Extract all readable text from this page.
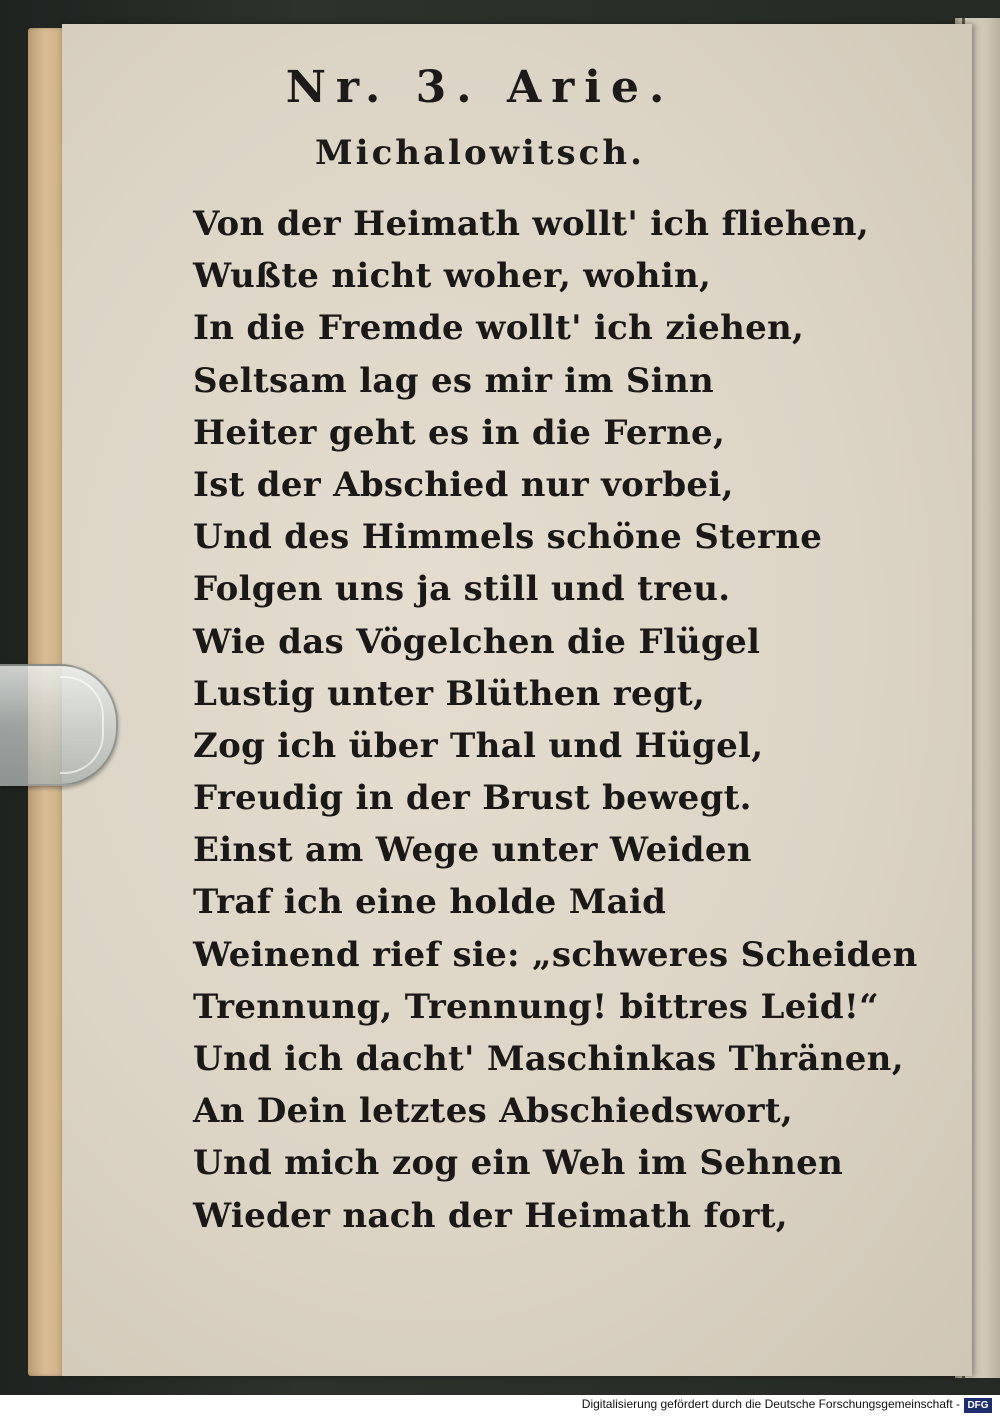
Nr. 3. Arie.
Michalowitsch.
Von der Heimath wollt' ich fliehen,
Wußte nicht woher, wohin,
In die Fremde wollt' ich ziehen,
Seltsam lag es mir im Sinn
Heiter geht es in die Ferne,
Ist der Abschied nur vorbei,
Und des Himmels schöne Sterne
Folgen uns ja still und treu.
Wie das Vögelchen die Flügel
Lustig unter Blüthen regt,
Zog ich über Thal und Hügel,
Freudig in der Brust bewegt.
Einst am Wege unter Weiden
Traf ich eine holde Maid
Weinend rief sie: „schweres Scheiden
Trennung, Trennung! bittres Leid!“
Und ich dacht' Maschinkas Thränen,
An Dein letztes Abschiedswort,
Und mich zog ein Weh im Sehnen
Wieder nach der Heimath fort,
Digitalisierung gefördert durch die Deutsche Forschungsgemeinschaft - DFG
